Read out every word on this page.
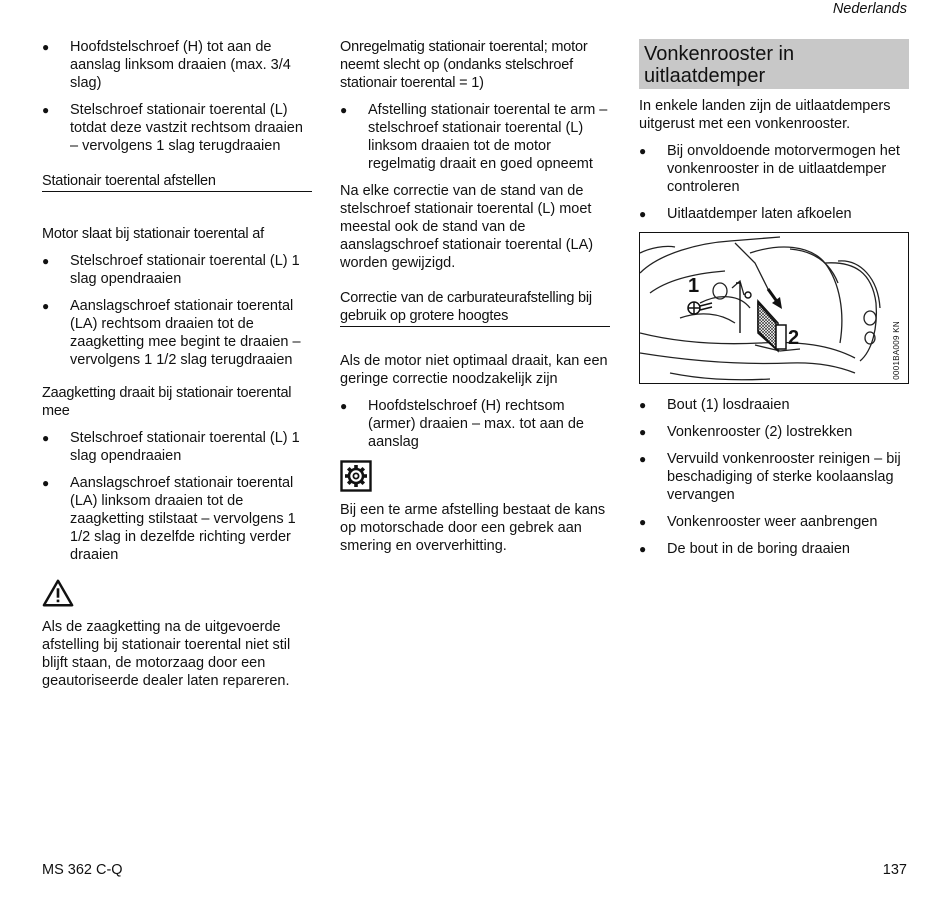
Nederlands
●	Hoofdstelschroef (H) tot aan de aanslag linksom draaien (max. 3/4 slag)
●	Stelschroef stationair toerental (L) totdat deze vastzit rechtsom draaien – vervolgens 1 slag terugdraaien
Stationair toerental afstellen
Motor slaat bij stationair toerental af
●	Stelschroef stationair toerental (L) 1 slag opendraaien
●	Aanslagschroef stationair toerental (LA) rechtsom draaien tot de zaagketting mee begint te draaien – vervolgens 1 1/2 slag terugdraaien
Zaagketting draait bij stationair toerental mee
●	Stelschroef stationair toerental (L) 1 slag opendraaien
●	Aanslagschroef stationair toerental (LA) linksom draaien tot de zaagketting stilstaat – vervolgens 1 1/2 slag in dezelfde richting verder draaien

Als de zaagketting na de uitgevoerde afstelling bij stationair toerental niet stil blijft staan, de motorzaag door een geautoriseerde dealer laten repareren.

Onregelmatig stationair toerental; motor neemt slecht op (ondanks stelschroef stationair toerental = 1)
●	Afstelling stationair toerental te arm – stelschroef stationair toerental (L) linksom draaien tot de motor regelmatig draait en goed opneemt

Na elke correctie van de stand van de stelschroef stationair toerental (L) moet meestal ook de stand van de aanslagschroef stationair toerental (LA) worden gewijzigd.

Correctie van de carburateurafstelling bij gebruik op grotere hoogtes

Als de motor niet optimaal draait, kan een geringe correctie noodzakelijk zijn

●	Hoofdstelschroef (H) rechtsom (armer) draaien – max. tot aan de aanslag

Bij een te arme afstelling bestaat de kans op motorschade door een gebrek aan smering en oververhitting.

Vonkenrooster in uitlaatdemper

In enkele landen zijn de uitlaatdempers uitgerust met een vonkenrooster.

●	Bij onvoldoende motorvermogen het vonkenrooster in de uitlaatdemper controleren
●	Uitlaatdemper laten afkoelen
1
2	0001BA009 KN
●	Bout (1) losdraaien
●	Vonkenrooster (2) lostrekken
●	Vervuild vonkenrooster reinigen – bij beschadiging of sterke koolaanslag vervangen
●	Vonkenrooster weer aanbrengen
●	De bout in de boring draaien
MS 362 C-Q	137
